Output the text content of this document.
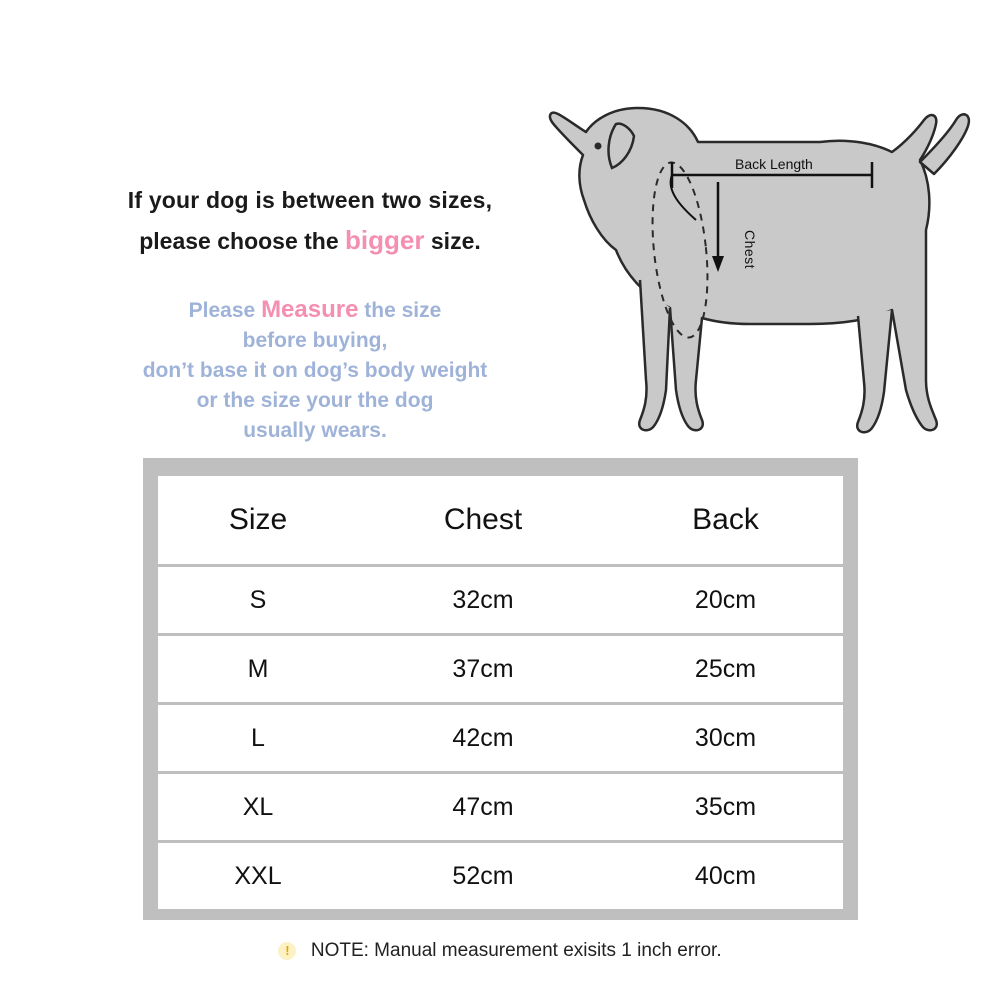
If your dog is between two sizes,
please choose the bigger size.
Please Measure the size
before buying,
don’t base it on dog’s body weight
or the size your the dog
usually wears.
Back Length
Chest
Size	Chest	Back
S	32cm	20cm
M	37cm	25cm
L	42cm	30cm
XL	47cm	35cm
XXL	52cm	40cm
! NOTE: Manual measurement exisits 1 inch error.
